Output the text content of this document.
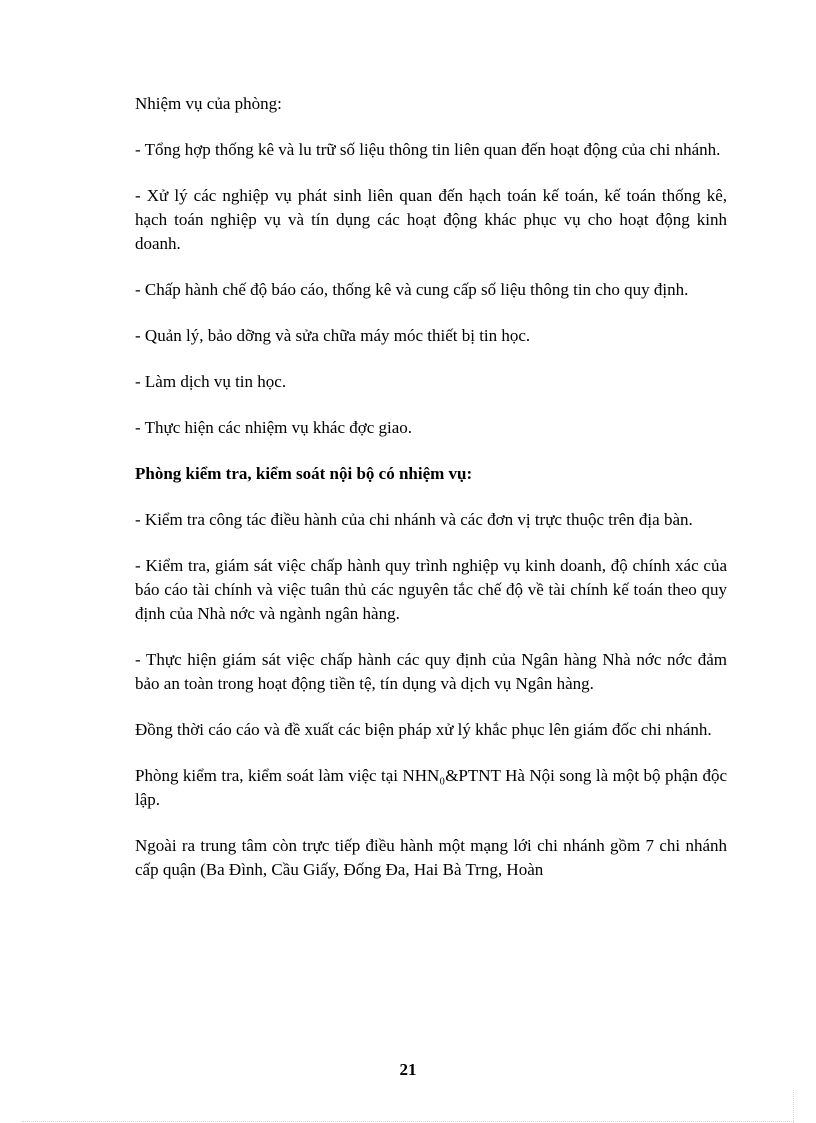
Nhiệm vụ của phòng:

- Tổng hợp thống kê và lu trữ số liệu thông tin liên quan đến hoạt động của chi nhánh.

- Xử lý các nghiệp vụ phát sinh liên quan đến hạch toán kế toán, kế toán thống kê, hạch toán nghiệp vụ và tín dụng các hoạt động khác phục vụ cho hoạt động kinh doanh.

- Chấp hành chế độ báo cáo, thống kê và cung cấp số liệu thông tin cho quy định.

- Quản lý, bảo dỡng và sửa chữa máy móc thiết bị tin học.

- Làm dịch vụ tin học.

- Thực hiện các nhiệm vụ khác đợc giao.

Phòng kiểm tra, kiểm soát nội bộ có nhiệm vụ:

- Kiểm tra công tác điều hành của chi nhánh và các đơn vị trực thuộc trên địa bàn.

- Kiểm tra, giám sát việc chấp hành quy trình nghiệp vụ kinh doanh, độ chính xác của báo cáo tài chính và việc tuân thủ các nguyên tắc chế độ về tài chính kế toán theo quy định của Nhà nớc và ngành ngân hàng.

- Thực hiện giám sát việc chấp hành các quy định của Ngân hàng Nhà nớc nớc đảm bảo an toàn trong hoạt động tiền tệ, tín dụng và dịch vụ Ngân hàng.

Đồng thời cáo cáo và đề xuất các biện pháp xử lý khắc phục lên giám đốc chi nhánh.

Phòng kiểm tra, kiểm soát làm việc tại NHN₀&PTNT Hà Nội song là một bộ phận độc lập.

Ngoài ra trung tâm còn trực tiếp điều hành một mạng lới chi nhánh gồm 7 chi nhánh cấp quận (Ba Đình, Cầu Giấy, Đống Đa, Hai Bà Trng, Hoàn

21
